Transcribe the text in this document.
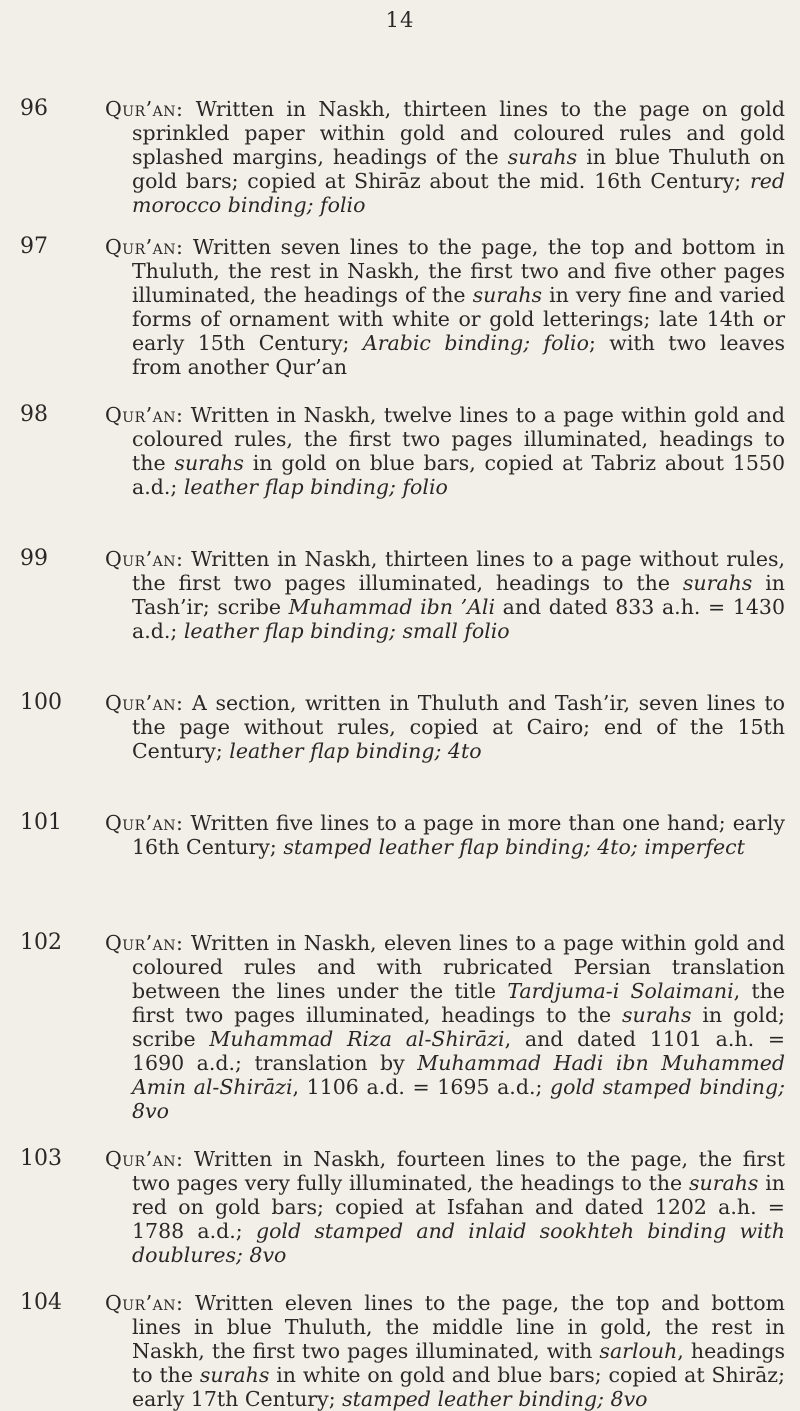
14
96	Qur’an: Written in Naskh, thirteen lines to the page on gold sprinkled paper within gold and coloured rules and gold splashed margins, headings of the surahs in blue Thuluth on gold bars; copied at Shirāz about the mid. 16th Century; red morocco binding; folio
97	Qur’an: Written seven lines to the page, the top and bottom in Thuluth, the rest in Naskh, the first two and five other pages illuminated, the headings of the surahs in very fine and varied forms of ornament with white or gold letterings; late 14th or early 15th Century; Arabic binding; folio; with two leaves from another Qur’an
98	Qur’an: Written in Naskh, twelve lines to a page within gold and coloured rules, the first two pages illuminated, headings to the surahs in gold on blue bars, copied at Tabriz about 1550 a.d.; leather flap binding; folio
99	Qur’an: Written in Naskh, thirteen lines to a page without rules, the first two pages illuminated, headings to the surahs in Tash’ir; scribe Muhammad ibn ’Ali and dated 833 a.h. = 1430 a.d.; leather flap binding; small folio
100 Qur’an: A section, written in Thuluth and Tash’ir, seven lines to the page without rules, copied at Cairo; end of the 15th Century; leather flap binding; 4to
101 Qur’an: Written five lines to a page in more than one hand; early 16th Century; stamped leather flap binding; 4to; imperfect
102 Qur’an: Written in Naskh, eleven lines to a page within gold and coloured rules and with rubricated Persian translation between the lines under the title Tardjuma-i Solaimani, the first two pages illuminated, headings to the surahs in gold; scribe Muhammad Riza al-Shirāzi, and dated 1101 a.h. = 1690 a.d.; translation by Muhammad Hadi ibn Muhammed Amin al-Shirāzi, 1106 a.d. = 1695 a.d.; gold stamped binding; 8vo
103 Qur’an: Written in Naskh, fourteen lines to the page, the first two pages very fully illuminated, the headings to the surahs in red on gold bars; copied at Isfahan and dated 1202 a.h. = 1788 a.d.; gold stamped and inlaid sookhteh binding with doublures; 8vo
104 Qur’an: Written eleven lines to the page, the top and bottom lines in blue Thuluth, the middle line in gold, the rest in Naskh, the first two pages illuminated, with sarlouh, headings to the surahs in white on gold and blue bars; copied at Shirāz; early 17th Century; stamped leather binding; 8vo
